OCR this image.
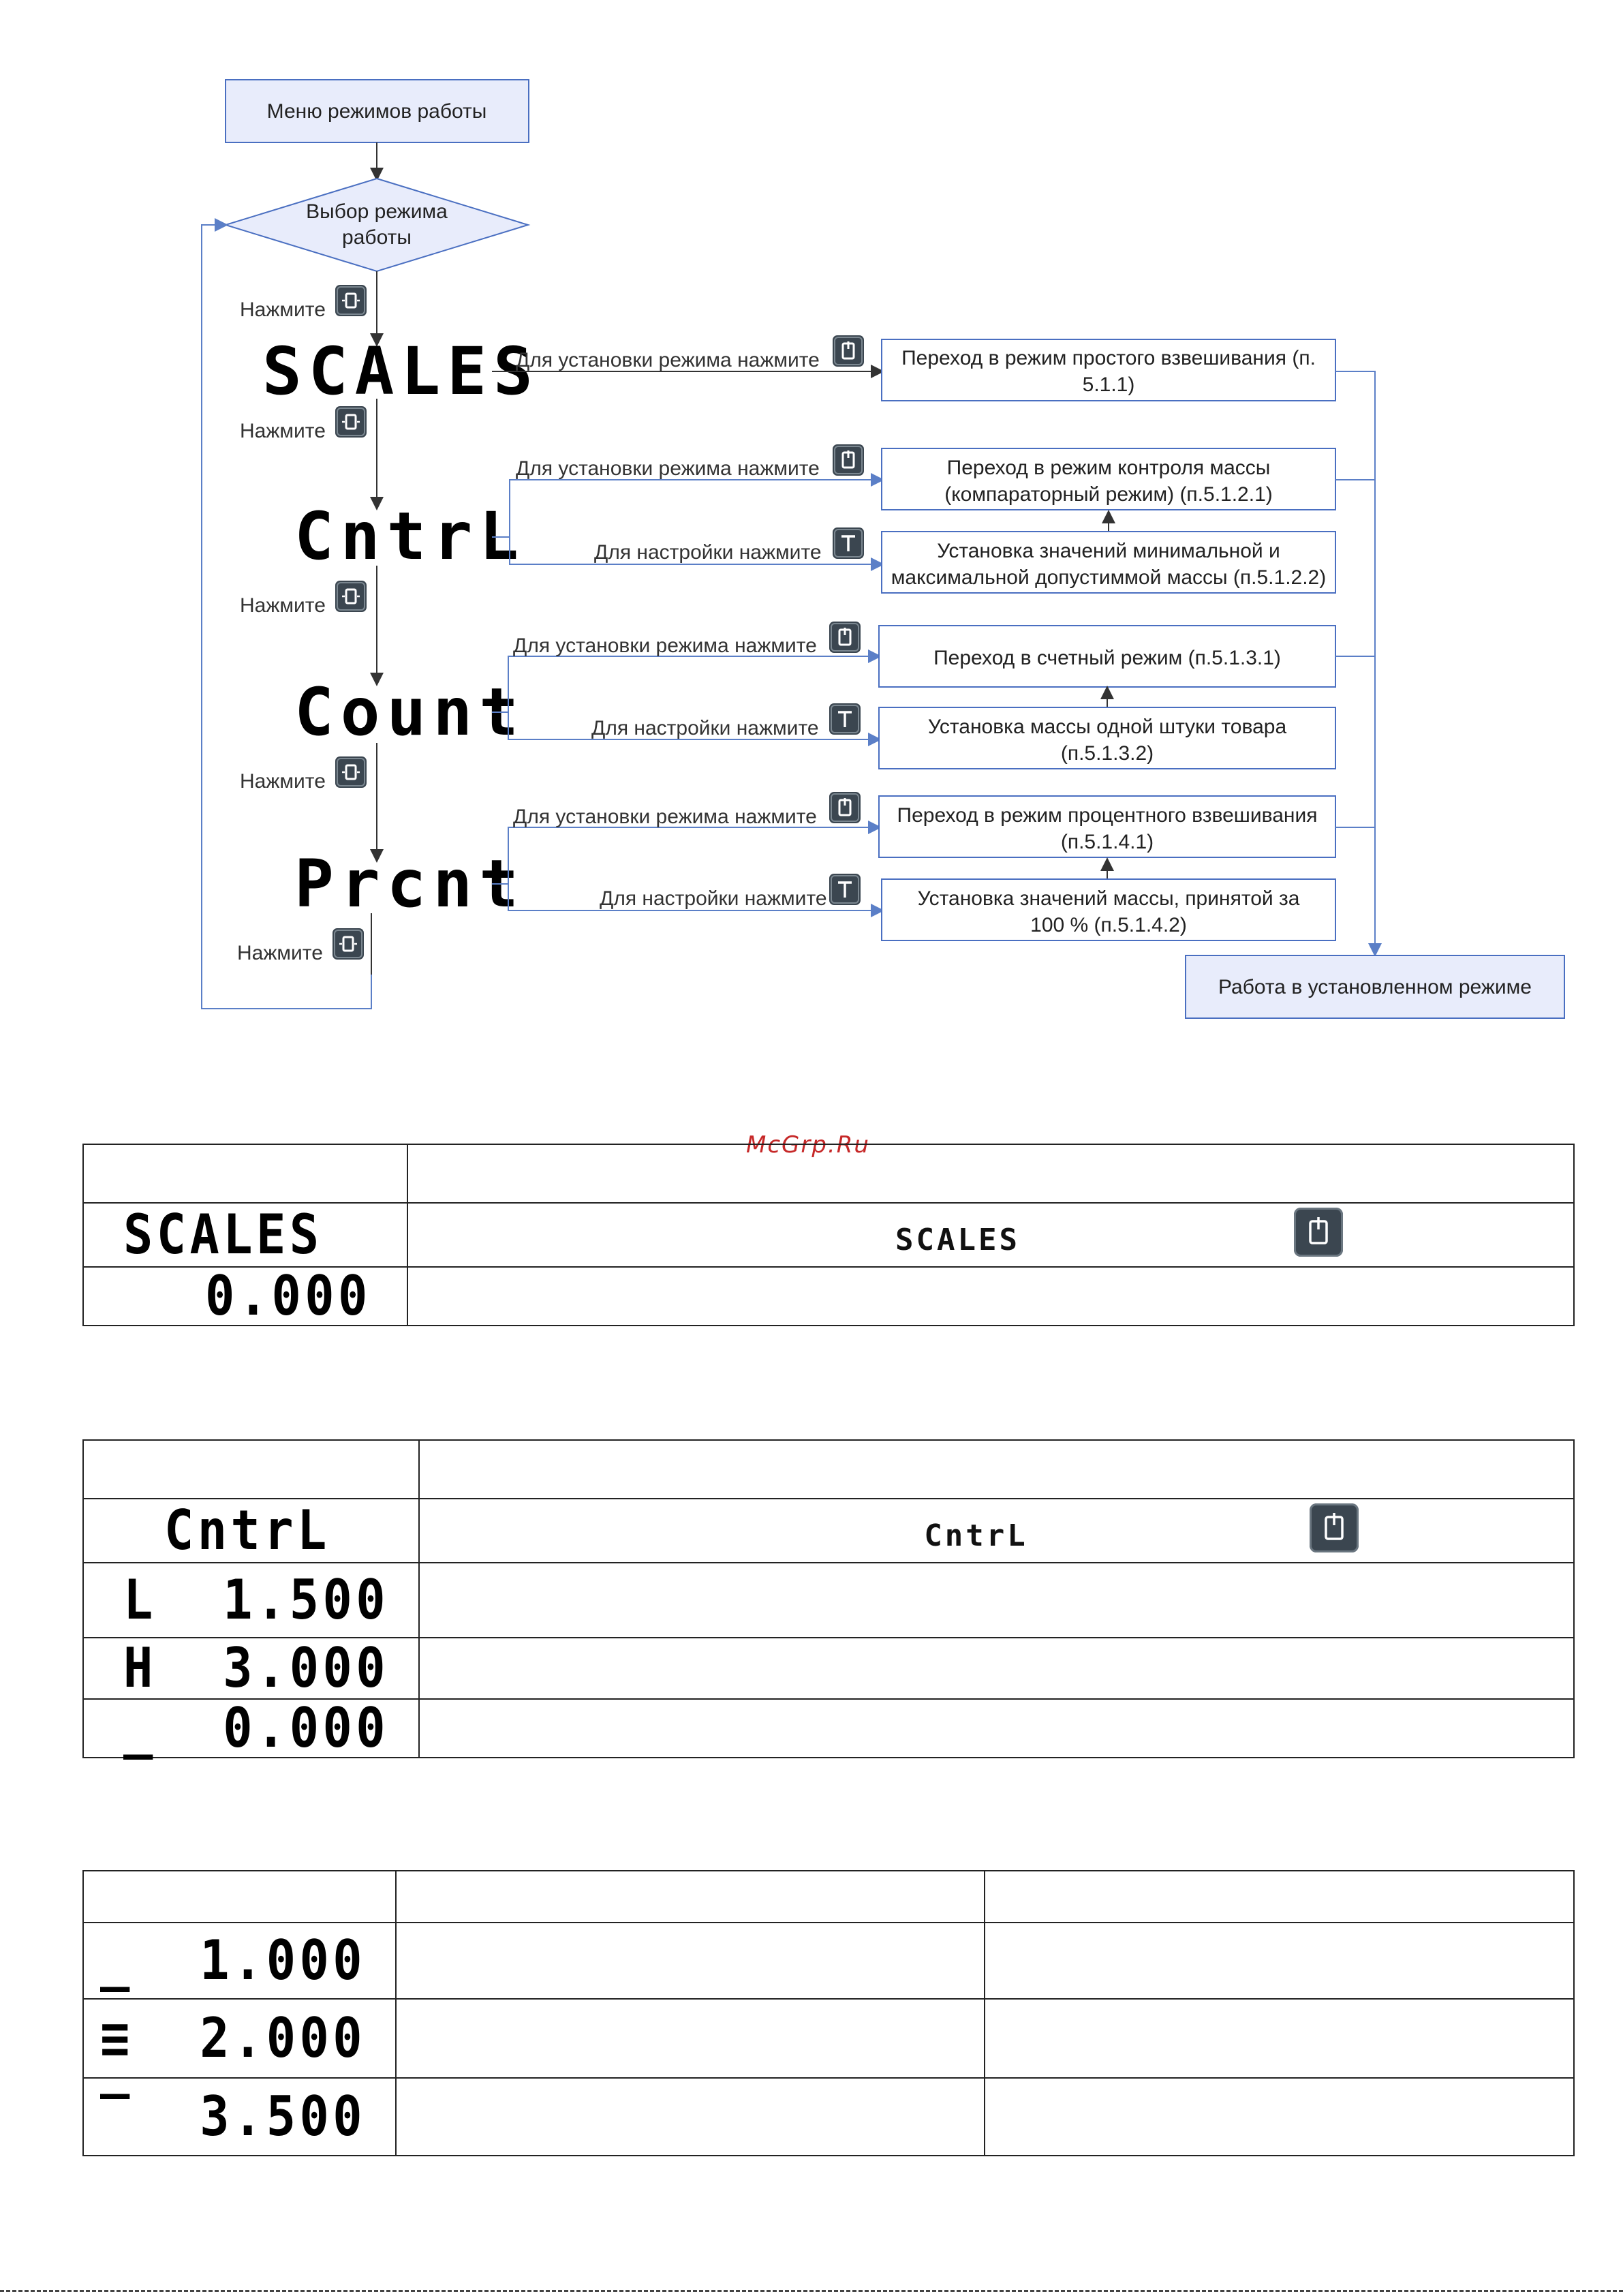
Меню режимов работы
Выбор режима
работы
Нажмите
Нажмите
Нажмите
Нажмите
Нажмите
SCALES
CntrL
Count
Prcnt
Для установки режима нажмите	Переход в режим простого взвешивания (п.
5.1.1)
Для установки режима нажмите
Для настройки нажмите
Переход в режим контроля массы
(компараторный режим) (п.5.1.2.1)
Установка значений минимальной и
максимальной допустиммой массы (п.5.1.2.2)
Для установки режима нажмите
Для настройки нажмите
Переход в счетный режим (п.5.1.3.1)
Установка массы одной штуки товара
(п.5.1.3.2)
Для установки режима нажмите
Для настройки нажмите
Переход в режим процентного взвешивания
(п.5.1.4.1)
Установка значений массы, принятой за
100 % (п.5.1.4.2)
Работа в установленном режиме
McGrp.Ru

SCALES	SCALES

0.000	

CntrL	CntrL

L  1.500	
H  3.000	
_  0.000	

_  1.000		
≡  2.000		
‾  3.500		
